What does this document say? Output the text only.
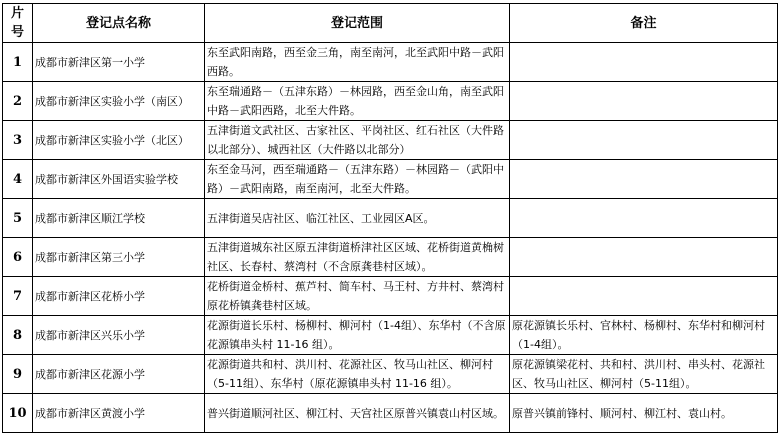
片号	登记点名称	登记范围	备注
1	成都市新津区第一小学	东至武阳南路，西至金三角，南至南河，北至武阳中路－武阳西路。	
2	成都市新津区实验小学（南区）	东至瑞通路－（五津东路）－林园路，西至金山角，南至武阳中路－武阳西路，北至大件路。	
3	成都市新津区实验小学（北区）	五津街道文武社区、古家社区、平岗社区、红石社区（大件路以北部分）、城西社区（大件路以北部分）	
4	成都市新津区外国语实验学校	东至金马河，西至瑞通路－（五津东路）－林园路－（武阳中路）－武阳南路，南至南河，北至大件路。	
5	成都市新津区顺江学校	五津街道吴店社区、临江社区、工业园区A区。	
6	成都市新津区第三小学	五津街道城东社区原五津街道桥津社区区域、花桥街道黄桷树社区、长春村、蔡湾村（不含原龚巷村区域）。	
7	成都市新津区花桥小学	花桥街道金桥村、蕉芦村、简车村、马王村、方井村、蔡湾村原花桥镇龚巷村区域。	
8	成都市新津区兴乐小学	花源街道长乐村、杨柳村、柳河村（1-4组）、东华村（不含原花源镇串头村 11-16 组）。	原花源镇长乐村、官林村、杨柳村、东华村和柳河村（1-4组）。
9	成都市新津区花源小学	花源街道共和村、洪川村、花源社区、牧马山社区、柳河村（5-11组）、东华村（原花源镇串头村 11-16 组）。	原花源镇梁花村、共和村、洪川村、串头村、花源社区、牧马山社区、柳河村（5-11组）。
10	成都市新津区黄渡小学	普兴街道顺河社区、柳江村、天宫社区原普兴镇袁山村区域。	原普兴镇前锋村、顺河村、柳江村、袁山村。
